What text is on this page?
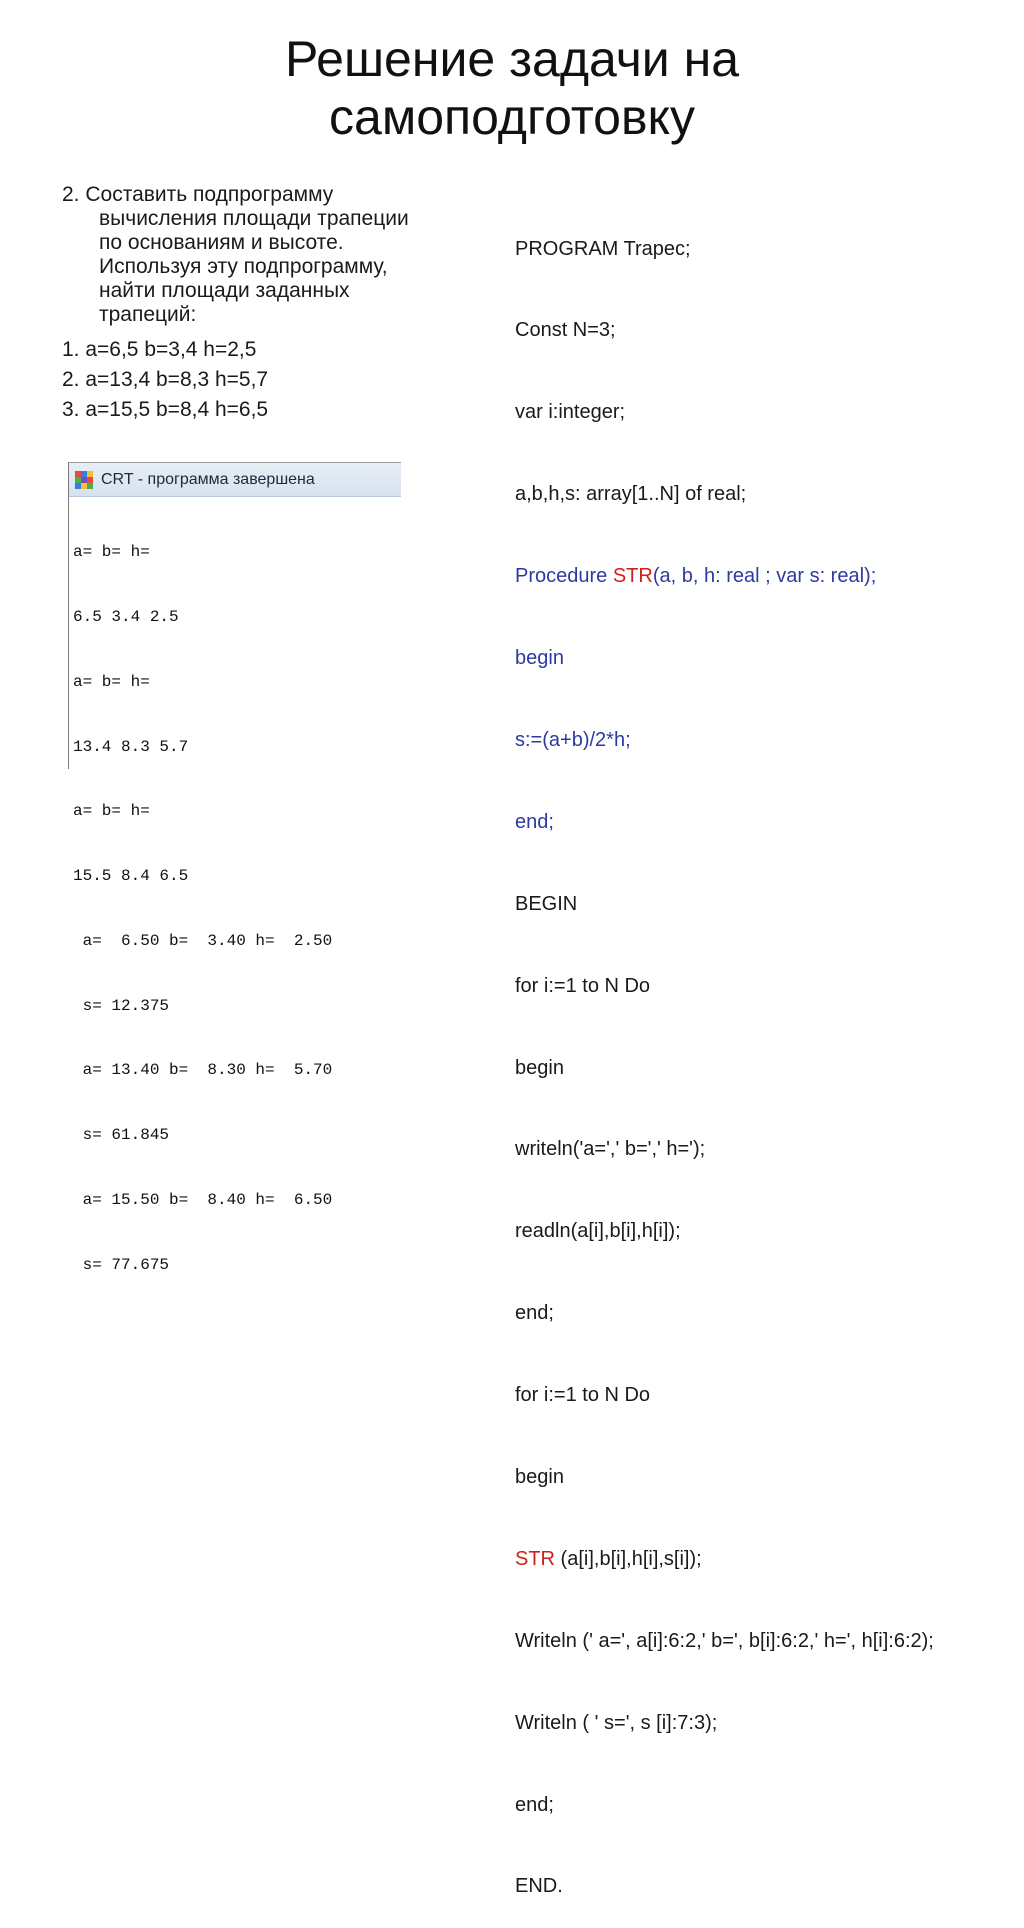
Решение задачи на
самоподготовку
2. Составить подпрограмму
вычисления площади трапеции
по основаниям и высоте.
Используя эту подпрограмму,
найти площади заданных
трапеций:
1. a=6,5 b=3,4 h=2,5
2. a=13,4 b=8,3 h=5,7
3. a=15,5 b=8,4 h=6,5
CRT - программа завершена

a= b= h=

6.5 3.4 2.5

a= b= h=

13.4 8.3 5.7

a= b= h=

15.5 8.4 6.5

a=  6.50 b=  3.40 h=  2.50

s= 12.375

a= 13.40 b=  8.30 h=  5.70

s= 61.845

a= 15.50 b=  8.40 h=  6.50

s= 77.675

PROGRAM Trapec;

Const N=3;

var i:integer;

a,b,h,s: array[1..N] of real;

Procedure STR(a, b, h: real ; var s: real);

begin

s:=(a+b)/2*h;

end;

BEGIN

for i:=1 to N Do

begin

writeln('a=',' b=',' h=');

readln(a[i],b[i],h[i]);

end;

for i:=1 to N Do

begin

STR (a[i],b[i],h[i],s[i]);

Writeln (' a=', a[i]:6:2,' b=', b[i]:6:2,' h=', h[i]:6:2);

Writeln ( ' s=', s [i]:7:3);

end;

END.
